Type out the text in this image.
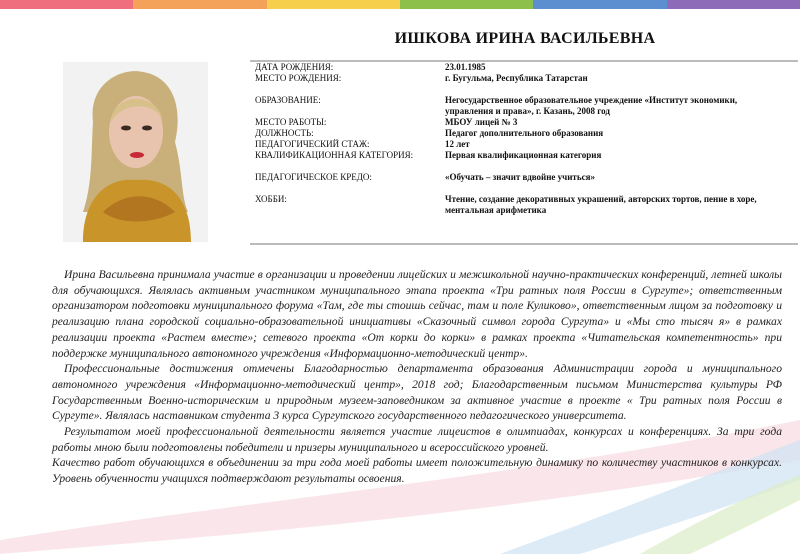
ИШКОВА ИРИНА ВАСИЛЬЕВНА
ДАТА РОЖДЕНИЯ:	23.01.1985
МЕСТО РОЖДЕНИЯ:	г. Бугульма, Республика Татарстан
ОБРАЗОВАНИЕ:	Негосударственное образовательное учреждение «Институт экономики, управления и права», г. Казань, 2008 год
МЕСТО РАБОТЫ:	МБОУ лицей № 3
ДОЛЖНОСТЬ:	Педагог дополнительного образования
ПЕДАГОГИЧЕСКИЙ СТАЖ:	12 лет
КВАЛИФИКАЦИОННАЯ КАТЕГОРИЯ:	Первая квалификационная категория
ПЕДАГОГИЧЕСКОЕ КРЕДО:	«Обучать – значит вдвойне учиться»
ХОББИ:	Чтение, создание декоративных украшений, авторских тортов, пение в хоре, ментальная арифметика

Ирина Васильевна принимала участие в организации и проведении лицейских и межшкольной научно-практических конференций, летней школы для обучающихся. Являлась активным участником муниципального этапа проекта «Три ратных поля России в Сургуте»; ответственным организатором подготовки муниципального форума «Там, где ты стоишь сейчас, там и поле Куликово», ответственным лицом за подготовку и реализацию плана городской социально-образовательной инициативы «Сказочный символ города Сургута» и «Мы сто тысяч я» в рамках реализации проекта «Растем вместе»; сетевого проекта «От корки до корки» в рамках проекта «Читательская компетентность» при поддержке муниципального автономного учреждения «Информационно-методический центр».

Профессиональные достижения отмечены Благодарностью департамента образования Администрации города и муниципального автономного учреждения «Информационно-методический центр», 2018 год; Благодарственным письмом Министерства культуры РФ Государственным Военно-историческим и природным музеем-заповедником за активное участие в проекте « Три ратных поля России в Сургуте». Являлась наставником студента 3 курса Сургутского государственного педагогического университета.

Результатом моей профессиональной деятельности является участие лицеистов в олимпиадах, конкурсах и конференциях. За три года работы мною были подготовлены победители и призеры муниципального и всероссийского уровней.

Качество работ обучающихся в объединении за три года моей работы имеет положительную динамику по количеству участников в конкурсах. Уровень обученности учащихся подтверждают результаты освоения.
